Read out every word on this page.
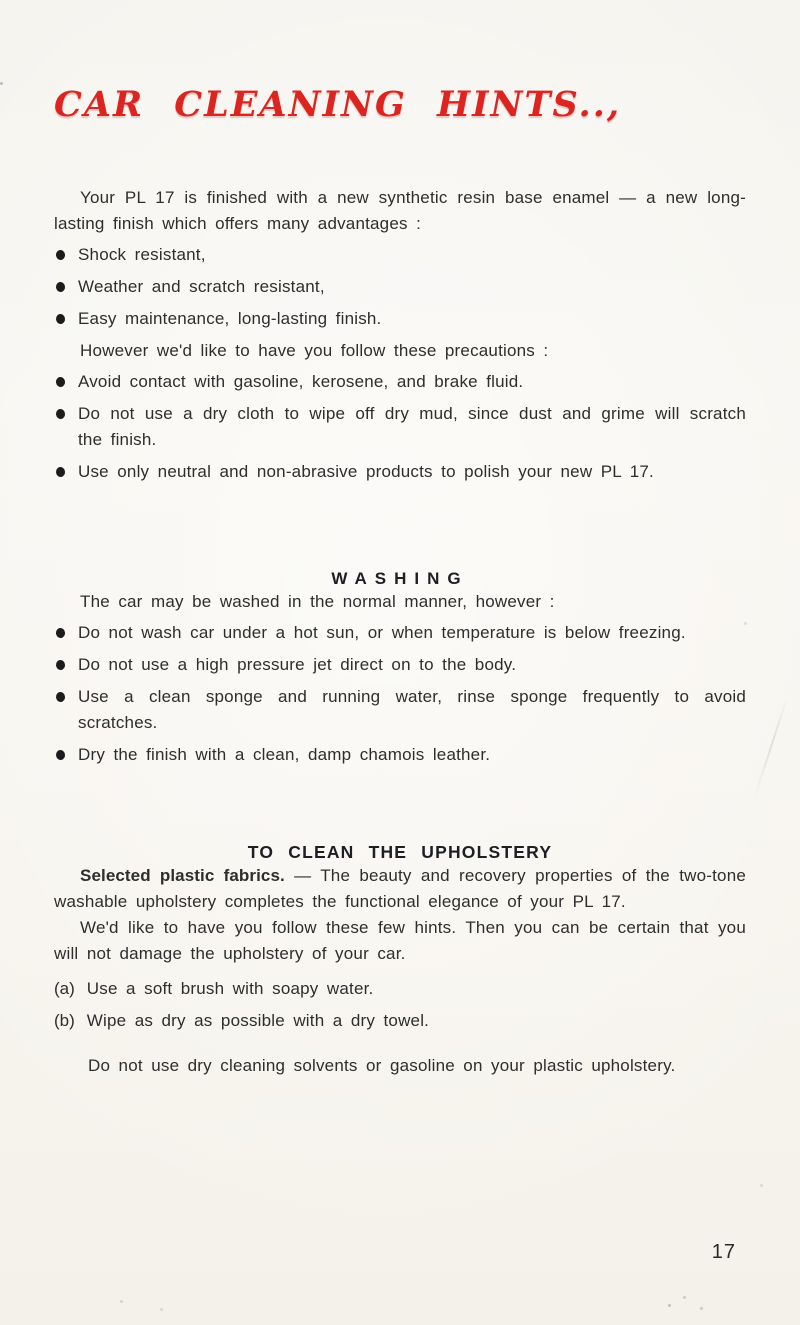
CAR CLEANING HINTS..,

Your PL 17 is finished with a new synthetic resin base enamel — a new long-lasting finish which offers many advantages :

Shock resistant,
Weather and scratch resistant,
Easy maintenance, long-lasting finish.

However we'd like to have you follow these precautions :

Avoid contact with gasoline, kerosene, and brake fluid.
Do not use a dry cloth to wipe off dry mud, since dust and grime will scratch the finish.
Use only neutral and non-abrasive products to polish your new PL 17.
WASHING

The car may be washed in the normal manner, however :

Do not wash car under a hot sun, or when temperature is below freezing.
Do not use a high pressure jet direct on to the body.
Use a clean sponge and running water, rinse sponge frequently to avoid scratches.
Dry the finish with a clean, damp chamois leather.
TO CLEAN THE UPHOLSTERY

Selected plastic fabrics. — The beauty and recovery properties of the two-tone washable upholstery completes the functional elegance of your PL 17.

We'd like to have you follow these few hints. Then you can be certain that you will not damage the upholstery of your car.

(a) Use a soft brush with soapy water.
(b) Wipe as dry as possible with a dry towel.

Do not use dry cleaning solvents or gasoline on your plastic upholstery.

17
